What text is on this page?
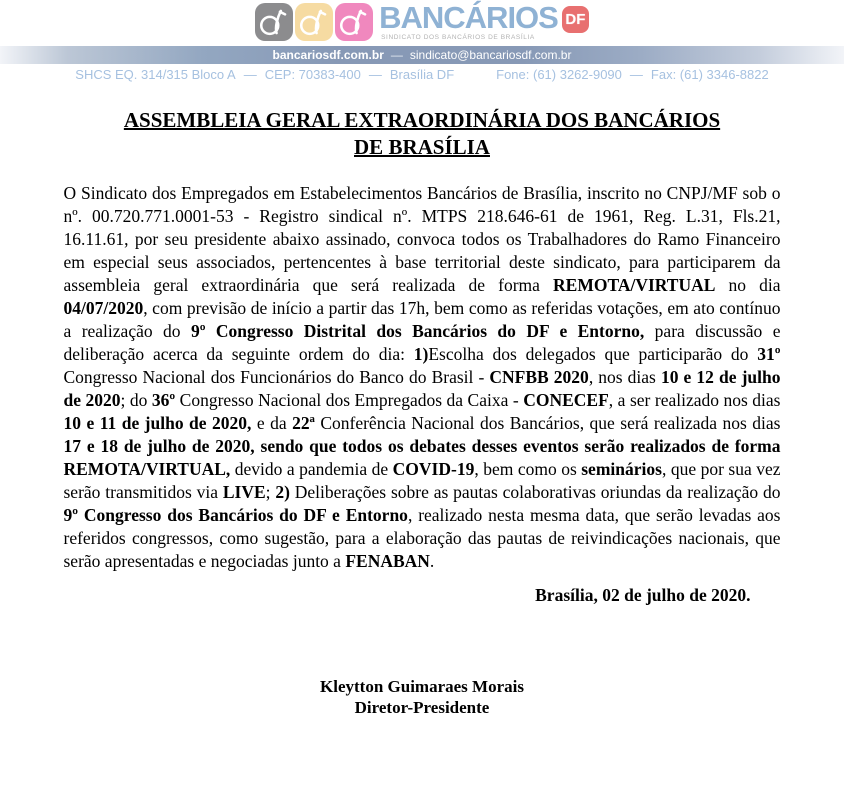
BANCÁRIOS
SINDICATO DOS BANCÁRIOS DE BRASÍLIA
DF
bancariosdf.com.br — sindicato@bancariosdf.com.br
SHCS EQ. 314/315 Bloco A — CEP: 70383-400 — Brasília DF	Fone: (61) 3262-9090 — Fax: (61) 3346-8822
ASSEMBLEIA GERAL EXTRAORDINÁRIA DOS BANCÁRIOS
DE BRASÍLIA

O Sindicato dos Empregados em Estabelecimentos Bancários de Brasília, inscrito no CNPJ/MF sob o nº. 00.720.771.0001-53 - Registro sindical nº. MTPS 218.646-61 de 1961, Reg. L.31, Fls.21, 16.11.61, por seu presidente abaixo assinado, convoca todos os Trabalhadores do Ramo Financeiro em especial seus associados, pertencentes à base territorial deste sindicato, para participarem da assembleia geral extraordinária que será realizada de forma REMOTA/VIRTUAL no dia 04/07/2020, com previsão de início a partir das 17h, bem como as referidas votações, em ato contínuo a realização do 9º Congresso Distrital dos Bancários do DF e Entorno, para discussão e deliberação acerca da seguinte ordem do dia: 1)Escolha dos delegados que participarão do 31º Congresso Nacional dos Funcionários do Banco do Brasil - CNFBB 2020, nos dias 10 e 12 de julho de 2020; do 36º Congresso Nacional dos Empregados da Caixa - CONECEF, a ser realizado nos dias 10 e 11 de julho de 2020, e da 22ª Conferência Nacional dos Bancários, que será realizada nos dias 17 e 18 de julho de 2020, sendo que todos os debates desses eventos serão realizados de forma REMOTA/VIRTUAL, devido a pandemia de COVID-19, bem como os seminários, que por sua vez serão transmitidos via LIVE; 2) Deliberações sobre as pautas colaborativas oriundas da realização do 9º Congresso dos Bancários do DF e Entorno, realizado nesta mesma data, que serão levadas aos referidos congressos, como sugestão, para a elaboração das pautas de reivindicações nacionais, que serão apresentadas e negociadas junto a FENABAN.

Brasília, 02 de julho de 2020.

Kleytton Guimaraes Morais
Diretor-Presidente
